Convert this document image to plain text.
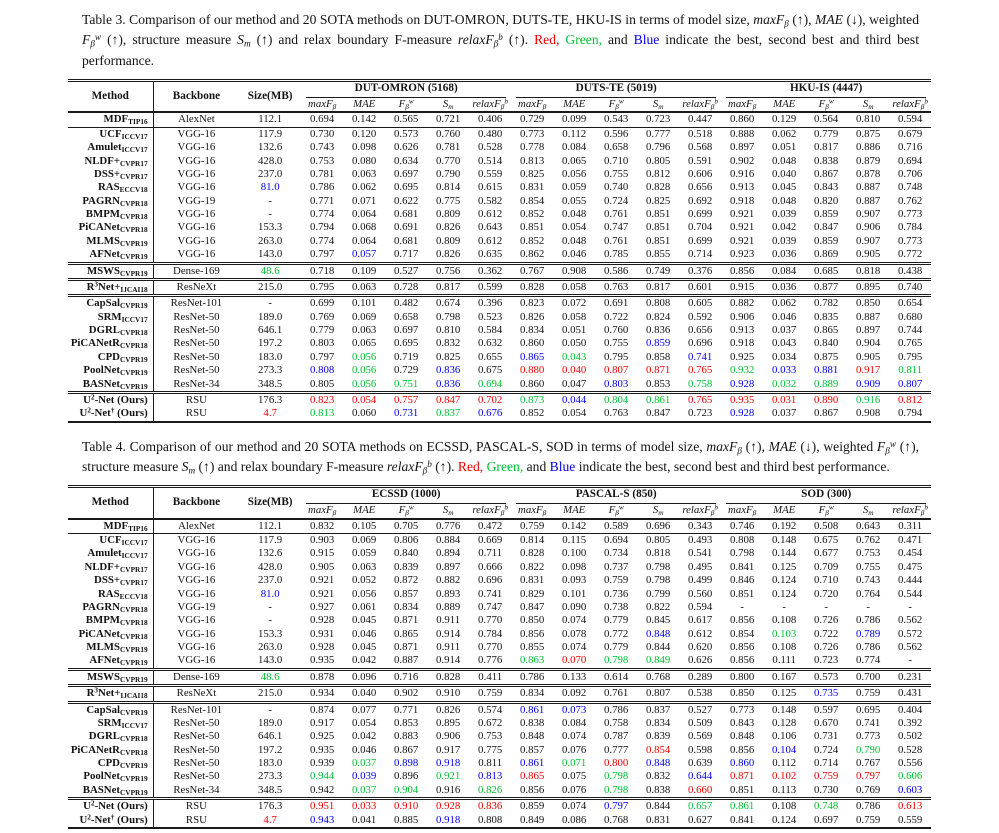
Table 3. Comparison of our method and 20 SOTA methods on DUT-OMRON, DUTS-TE, HKU-IS in terms of model size, maxF$_\beta$ (↑), MAE (↓), weighted $F_\beta^w$ (↑), structure measure $S_m$ (↑) and relax boundary F-measure relaxF$_\beta^b$ (↑). Red, Green, and Blue indicate the best, second best and third best performance.

Method	Backbone	Size(MB)	DUT-OMRON (5168)					DUTS-TE (5019)					HKU-IS (4447)				

			maxF$_\beta$	MAE	$F_\beta^w$	$S_m$	relaxF$_\beta^b$	maxF$_\beta$	MAE	$F_\beta^w$	$S_m$	relaxF$_\beta^b$	maxF$_\beta$	MAE	$F_\beta^w$	$S_m$	relaxF$_\beta^b$
$MDF_{TIP16}$	AlexNet	112.1	0.694	0.142	0.565	0.721	0.406	0.729	0.099	0.543	0.723	0.447	0.860	0.129	0.564	0.810	0.594
$UCF_{ICCV17}$	VGG-16	117.9	0.730	0.120	0.573	0.760	0.480	0.773	0.112	0.596	0.777	0.518	0.888	0.062	0.779	0.875	0.679
Amulet$_{ICCV17}$	VGG-16	132.6	0.743	0.098	0.626	0.781	0.528	0.778	0.084	0.658	0.796	0.568	0.897	0.051	0.817	0.886	0.716
$NLDF+_{CVPR17}$	VGG-16	428.0	0.753	0.080	0.634	0.770	0.514	0.813	0.065	0.710	0.805	0.591	0.902	0.048	0.838	0.879	0.694
$DSS+_{CVPR17}$	VGG-16	237.0	0.781	0.063	0.697	0.790	0.559	0.825	0.056	0.755	0.812	0.606	0.916	0.040	0.867	0.878	0.706
$RAS_{ECCV18}$	VGG-16	81.0	0.786	0.062	0.695	0.814	0.615	0.831	0.059	0.740	0.828	0.656	0.913	0.045	0.843	0.887	0.748
$PAGRN_{CVPR18}$	VGG-19	-	0.771	0.071	0.622	0.775	0.582	0.854	0.055	0.724	0.825	0.692	0.918	0.048	0.820	0.887	0.762
$BMPM_{CVPR18}$	VGG-16	-	0.774	0.064	0.681	0.809	0.612	0.852	0.048	0.761	0.851	0.699	0.921	0.039	0.859	0.907	0.773
PiCANet$_{CVPR18}$	VGG-16	153.3	0.794	0.068	0.691	0.826	0.643	0.851	0.054	0.747	0.851	0.704	0.921	0.042	0.847	0.906	0.784
$MLMS_{CVPR19}$	VGG-16	263.0	0.774	0.064	0.681	0.809	0.612	0.852	0.048	0.761	0.851	0.699	0.921	0.039	0.859	0.907	0.773
AFNet$_{CVPR19}$	VGG-16	143.0	0.797	0.057	0.717	0.826	0.635	0.862	0.046	0.785	0.855	0.714	0.923	0.036	0.869	0.905	0.772
$MSWS_{CVPR19}$	Dense-169	48.6	0.718	0.109	0.527	0.756	0.362	0.767	0.908	0.586	0.749	0.376	0.856	0.084	0.685	0.818	0.438
$R^3Net+_{IJCAI18}$	ResNeXt	215.0	0.795	0.063	0.728	0.817	0.599	0.828	0.058	0.763	0.817	0.601	0.915	0.036	0.877	0.895	0.740
CapSal$_{CVPR19}$	ResNet-101	-	0.699	0.101	0.482	0.674	0.396	0.823	0.072	0.691	0.808	0.605	0.882	0.062	0.782	0.850	0.654
$SRM_{ICCV17}$	ResNet-50	189.0	0.769	0.069	0.658	0.798	0.523	0.826	0.058	0.722	0.824	0.592	0.906	0.046	0.835	0.887	0.680
$DGRL_{CVPR18}$	ResNet-50	646.1	0.779	0.063	0.697	0.810	0.584	0.834	0.051	0.760	0.836	0.656	0.913	0.037	0.865	0.897	0.744
PiCANetR$_{CVPR18}$	ResNet-50	197.2	0.803	0.065	0.695	0.832	0.632	0.860	0.050	0.755	0.859	0.696	0.918	0.043	0.840	0.904	0.765
$CPD_{CVPR19}$	ResNet-50	183.0	0.797	0.056	0.719	0.825	0.655	0.865	0.043	0.795	0.858	0.741	0.925	0.034	0.875	0.905	0.795
PoolNet$_{CVPR19}$	ResNet-50	273.3	0.808	0.056	0.729	0.836	0.675	0.880	0.040	0.807	0.871	0.765	0.932	0.033	0.881	0.917	0.811
BASNet$_{CVPR19}$	ResNet-34	348.5	0.805	0.056	0.751	0.836	0.694	0.860	0.047	0.803	0.853	0.758	0.928	0.032	0.889	0.909	0.807
$U^2$-Net (Ours)	RSU	176.3	0.823	0.054	0.757	0.847	0.702	0.873	0.044	0.804	0.861	0.765	0.935	0.031	0.890	0.916	0.812
$U^2-Net^\dagger$ (Ours)	RSU	4.7	0.813	0.060	0.731	0.837	0.676	0.852	0.054	0.763	0.847	0.723	0.928	0.037	0.867	0.908	0.794

Table 4. Comparison of our method and 20 SOTA methods on ECSSD, PASCAL-S, SOD in terms of model size, maxF$_\beta$ (↑), MAE (↓), weighted $F_\beta^w$ (↑), structure measure $S_m$ (↑) and relax boundary F-measure relaxF$_\beta^b$ (↑). Red, Green, and Blue indicate the best, second best and third best performance.

Method	Backbone	Size(MB)	ECSSD (1000)					PASCAL-S (850)					SOD (300)				

			maxF$_\beta$	MAE	$F_\beta^w$	$S_m$	relaxF$_\beta^b$	maxF$_\beta$	MAE	$F_\beta^w$	$S_m$	relaxF$_\beta^b$	maxF$_\beta$	MAE	$F_\beta^w$	$S_m$	relaxF$_\beta^b$
$MDF_{TIP16}$	AlexNet	112.1	0.832	0.105	0.705	0.776	0.472	0.759	0.142	0.589	0.696	0.343	0.746	0.192	0.508	0.643	0.311
$UCF_{ICCV17}$	VGG-16	117.9	0.903	0.069	0.806	0.884	0.669	0.814	0.115	0.694	0.805	0.493	0.808	0.148	0.675	0.762	0.471
Amulet$_{ICCV17}$	VGG-16	132.6	0.915	0.059	0.840	0.894	0.711	0.828	0.100	0.734	0.818	0.541	0.798	0.144	0.677	0.753	0.454
$NLDF+_{CVPR17}$	VGG-16	428.0	0.905	0.063	0.839	0.897	0.666	0.822	0.098	0.737	0.798	0.495	0.841	0.125	0.709	0.755	0.475
$DSS+_{CVPR17}$	VGG-16	237.0	0.921	0.052	0.872	0.882	0.696	0.831	0.093	0.759	0.798	0.499	0.846	0.124	0.710	0.743	0.444
$RAS_{ECCV18}$	VGG-16	81.0	0.921	0.056	0.857	0.893	0.741	0.829	0.101	0.736	0.799	0.560	0.851	0.124	0.720	0.764	0.544
$PAGRN_{CVPR18}$	VGG-19	-	0.927	0.061	0.834	0.889	0.747	0.847	0.090	0.738	0.822	0.594	-	-	-	-	-
$BMPM_{CVPR18}$	VGG-16	-	0.928	0.045	0.871	0.911	0.770	0.850	0.074	0.779	0.845	0.617	0.856	0.108	0.726	0.786	0.562
PiCANet$_{CVPR18}$	VGG-16	153.3	0.931	0.046	0.865	0.914	0.784	0.856	0.078	0.772	0.848	0.612	0.854	0.103	0.722	0.789	0.572
$MLMS_{CVPR19}$	VGG-16	263.0	0.928	0.045	0.871	0.911	0.770	0.855	0.074	0.779	0.844	0.620	0.856	0.108	0.726	0.786	0.562
AFNet$_{CVPR19}$	VGG-16	143.0	0.935	0.042	0.887	0.914	0.776	0.863	0.070	0.798	0.849	0.626	0.856	0.111	0.723	0.774	-
$MSWS_{CVPR19}$	Dense-169	48.6	0.878	0.096	0.716	0.828	0.411	0.786	0.133	0.614	0.768	0.289	0.800	0.167	0.573	0.700	0.231
$R^3Net+_{IJCAI18}$	ResNeXt	215.0	0.934	0.040	0.902	0.910	0.759	0.834	0.092	0.761	0.807	0.538	0.850	0.125	0.735	0.759	0.431
CapSal$_{CVPR19}$	ResNet-101	-	0.874	0.077	0.771	0.826	0.574	0.861	0.073	0.786	0.837	0.527	0.773	0.148	0.597	0.695	0.404
$SRM_{ICCV17}$	ResNet-50	189.0	0.917	0.054	0.853	0.895	0.672	0.838	0.084	0.758	0.834	0.509	0.843	0.128	0.670	0.741	0.392
$DGRL_{CVPR18}$	ResNet-50	646.1	0.925	0.042	0.883	0.906	0.753	0.848	0.074	0.787	0.839	0.569	0.848	0.106	0.731	0.773	0.502
PiCANetR$_{CVPR18}$	ResNet-50	197.2	0.935	0.046	0.867	0.917	0.775	0.857	0.076	0.777	0.854	0.598	0.856	0.104	0.724	0.790	0.528
$CPD_{CVPR19}$	ResNet-50	183.0	0.939	0.037	0.898	0.918	0.811	0.861	0.071	0.800	0.848	0.639	0.860	0.112	0.714	0.767	0.556
PoolNet$_{CVPR19}$	ResNet-50	273.3	0.944	0.039	0.896	0.921	0.813	0.865	0.075	0.798	0.832	0.644	0.871	0.102	0.759	0.797	0.606
BASNet$_{CVPR19}$	ResNet-34	348.5	0.942	0.037	0.904	0.916	0.826	0.856	0.076	0.798	0.838	0.660	0.851	0.113	0.730	0.769	0.603
$U^2$-Net (Ours)	RSU	176.3	0.951	0.033	0.910	0.928	0.836	0.859	0.074	0.797	0.844	0.657	0.861	0.108	0.748	0.786	0.613
$U^2-Net^\dagger$ (Ours)	RSU	4.7	0.943	0.041	0.885	0.918	0.808	0.849	0.086	0.768	0.831	0.627	0.841	0.124	0.697	0.759	0.559
